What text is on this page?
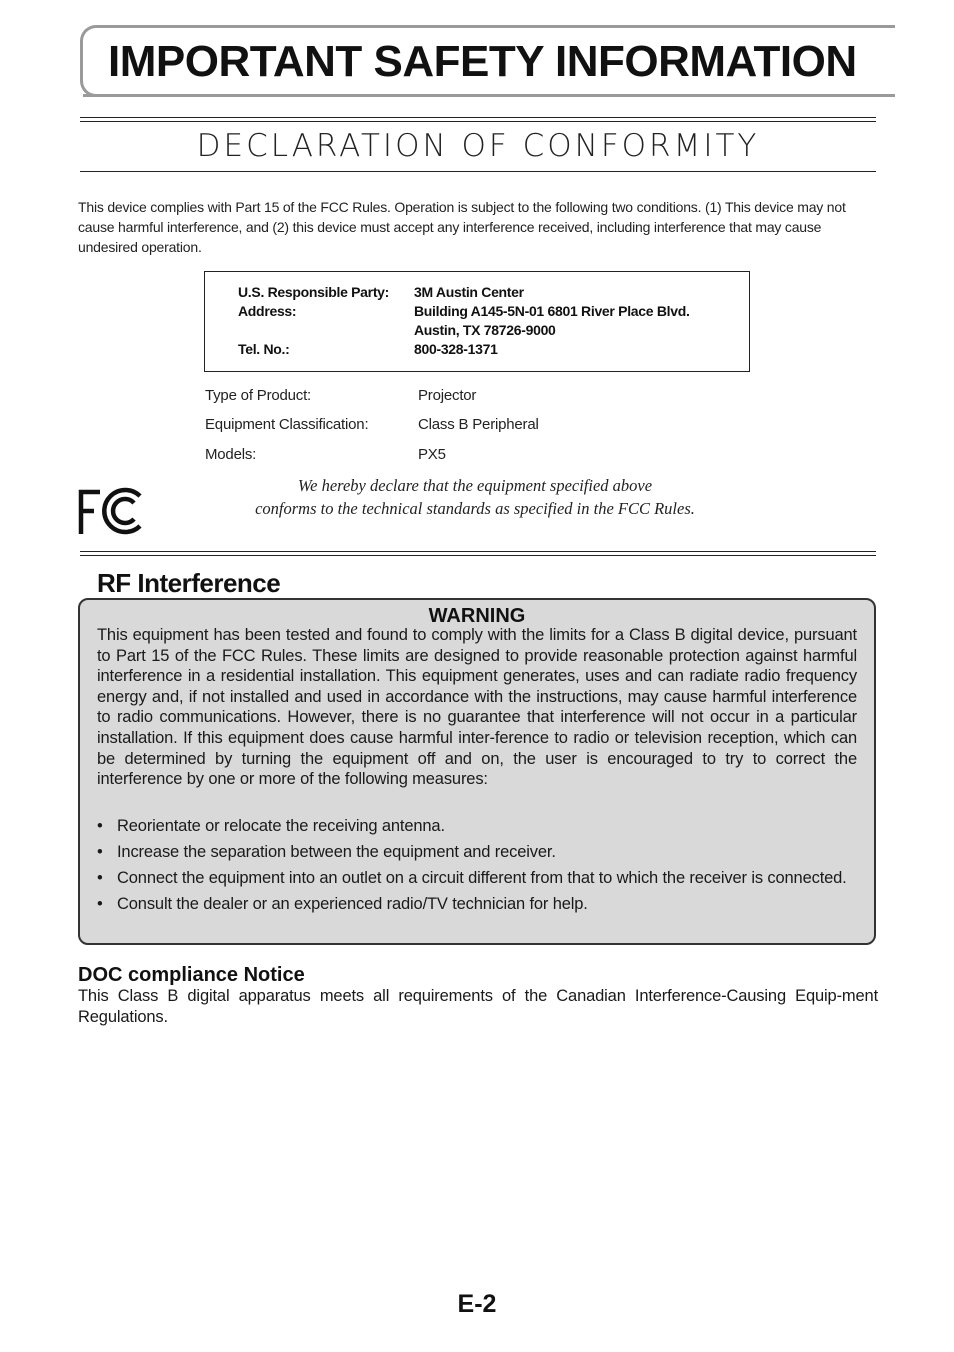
IMPORTANT SAFETY INFORMATION
DECLARATION OF CONFORMITY

This device complies with Part 15 of the FCC Rules. Operation is subject to the following two conditions. (1) This device may not cause harmful interference, and (2) this device must accept any interference received, including interference that may cause undesired operation.

U.S. Responsible Party: 3M Austin Center
Address:	Building A145-5N-01 6801 River Place Blvd.
Austin, TX 78726-9000
Tel. No.:	800-328-1371
Type of Product:	Projector
Equipment Classification:	Class B Peripheral
Models:	PX5

We hereby declare that the equipment specified above
conforms to the technical standards as specified in the FCC Rules.

RF Interference
WARNING

This equipment has been tested and found to comply with the limits for a Class B digital device, pursuant to Part 15 of the FCC Rules. These limits are designed to provide reasonable protection against harmful interference in a residential installation. This equipment generates, uses and can radiate radio frequency energy and, if not installed and used in accordance with the instructions, may cause harmful interference to radio communications. However, there is no guarantee that interference will not occur in a particular installation. If this equipment does cause harmful inter-ference to radio or television reception, which can be determined by turning the equipment off and on, the user is encouraged to try to correct the interference by one or more of the following measures:

• Reorientate or relocate the receiving antenna.
• Increase the separation between the equipment and receiver.
• Connect the equipment into an outlet on a circuit different from that to which the receiver is connected.
• Consult the dealer or an experienced radio/TV technician for help.
DOC compliance Notice

This Class B digital apparatus meets all requirements of the Canadian Interference-Causing Equip-ment Regulations.

E-2
